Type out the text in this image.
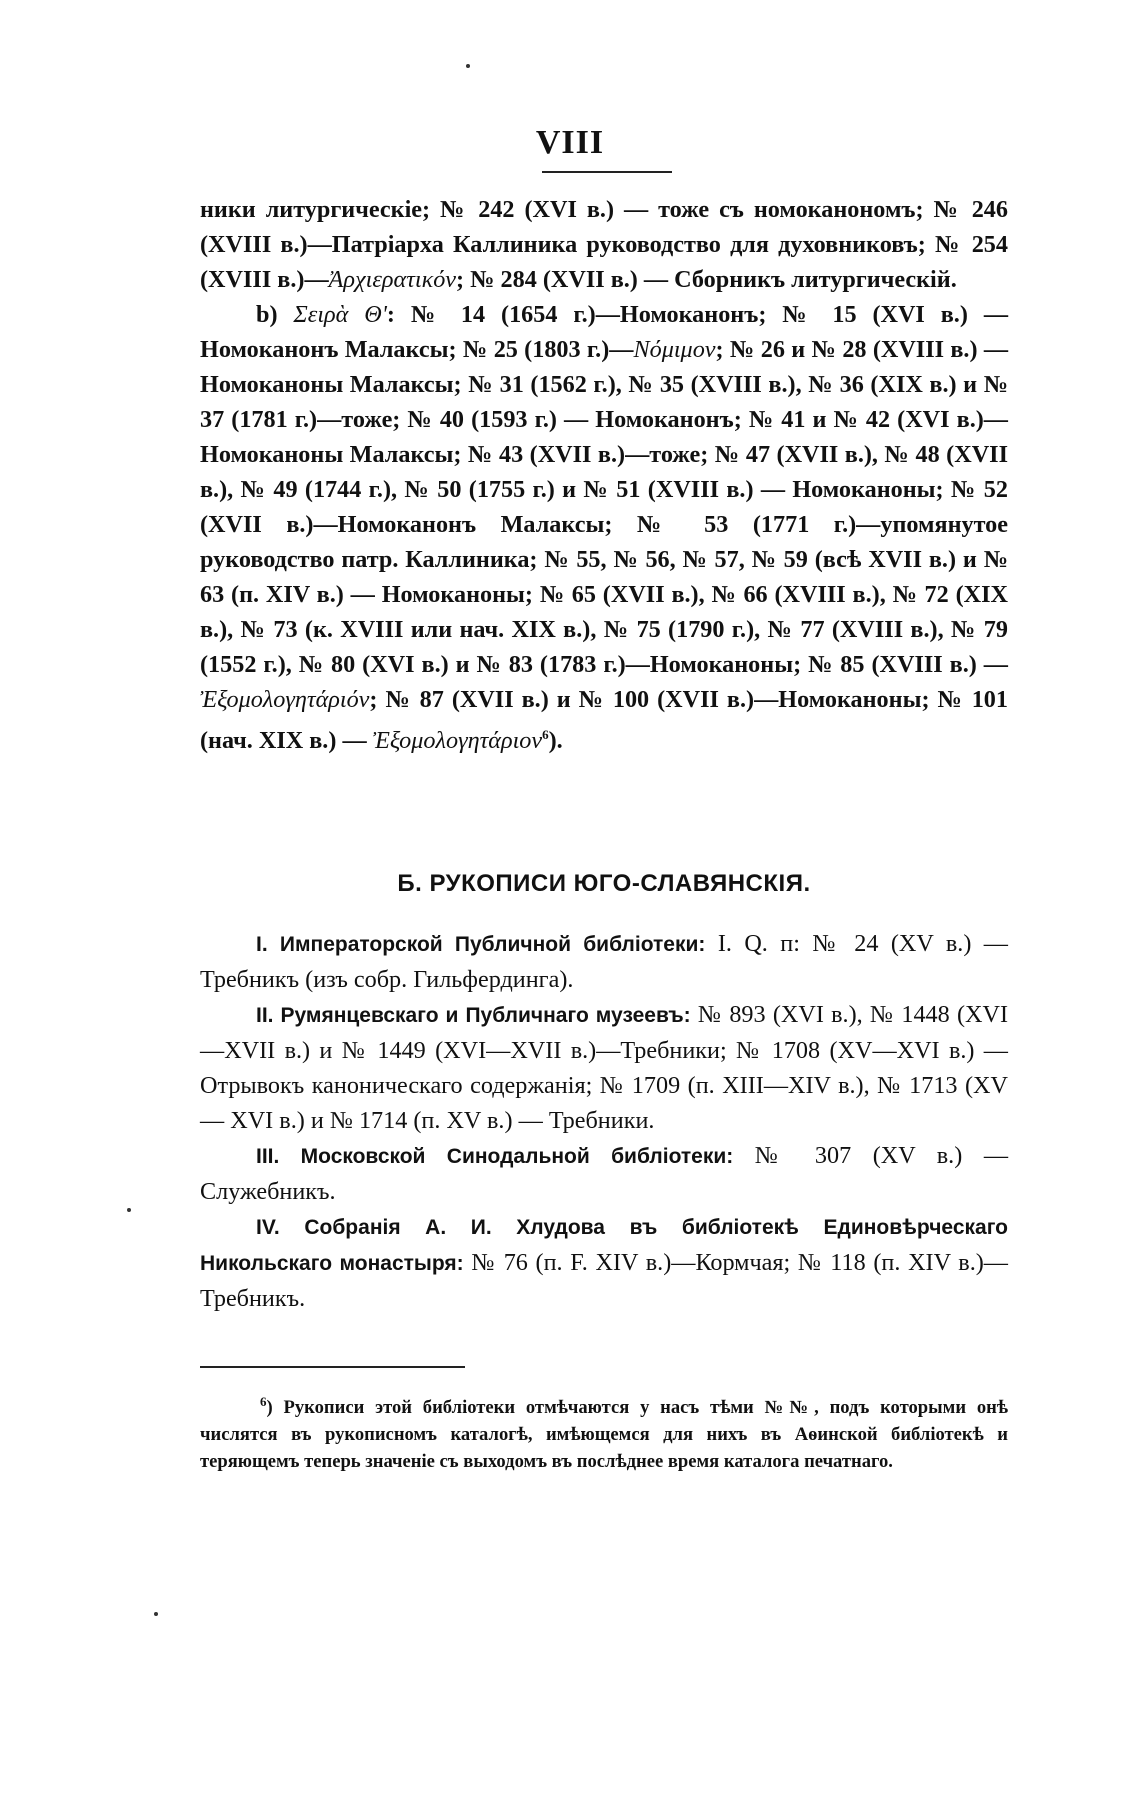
VIII

ники литургическіе; № 242 (XVI в.) — тоже съ номоканономъ; № 246 (XVIII в.)—Патріарха Каллиника руководство для духовниковъ; № 254 (XVIII в.)—Ἀρχιερατικόν; № 284 (XVII в.) — Сборникъ литургическій.

b) Σειρὰ Θ': № 14 (1654 г.)—Номоканонъ; № 15 (XVI в.) —Номоканонъ Малаксы; № 25 (1803 г.)—Νόμιμον; № 26 и № 28 (XVIII в.) — Номоканоны Малаксы; № 31 (1562 г.), № 35 (XVIII в.), № 36 (XIX в.) и № 37 (1781 г.)—тоже; № 40 (1593 г.) — Номоканонъ; № 41 и № 42 (XVI в.)—Номоканоны Малаксы; № 43 (XVII в.)—тоже; № 47 (XVII в.), № 48 (XVII в.), № 49 (1744 г.), № 50 (1755 г.) и № 51 (XVIII в.) — Номоканоны; № 52 (XVII в.)—Номоканонъ Малаксы; № 53 (1771 г.)—упомянутое руководство патр. Каллиника; № 55, № 56, № 57, № 59 (всѣ XVII в.) и № 63 (п. XIV в.) — Номоканоны; № 65 (XVII в.), № 66 (XVIII в.), № 72 (XIX в.), № 73 (к. XVIII или нач. XIX в.), № 75 (1790 г.), № 77 (XVIII в.), № 79 (1552 г.), № 80 (XVI в.) и № 83 (1783 г.)—Номоканоны; № 85 (XVIII в.) —Ἐξομολογητάριόν; № 87 (XVII в.) и № 100 (XVII в.)—Номоканоны; № 101 (нач. XIX в.) — Ἐξομολογητάριον$^6$).

Б. РУКОПИСИ ЮГО-СЛАВЯНСКІЯ.

I. Императорской Публичной библіотеки: I. Q. п: № 24 (XV в.) — Требникъ (изъ собр. Гильфердинга).

II. Румянцевскаго и Публичнаго музеевъ: № 893 (XVI в.), № 1448 (XVI—XVII в.) и № 1449 (XVI—XVII в.)—Требники; № 1708 (XV—XVI в.) — Отрывокъ каноническаго содержанія; № 1709 (п. XIII—XIV в.), № 1713 (XV — XVI в.) и № 1714 (п. XV в.) — Требники.

III. Московской Синодальной библіотеки: № 307 (XV в.) — Служебникъ.

IV. Собранія А. И. Хлудова въ библіотекѣ Единовѣрческаго Никольскаго монастыря: № 76 (п. F. XIV в.)—Кормчая; № 118 (п. XIV в.)—Требникъ.

$^6$) Рукописи этой библіотеки отмѣчаются у насъ тѣми №№, подъ которыми онѣ числятся въ рукописномъ каталогѣ, имѣющемся для нихъ въ Аѳинской библіотекѣ и теряющемъ теперь значеніе съ выходомъ въ послѣднее время каталога печатнаго.
